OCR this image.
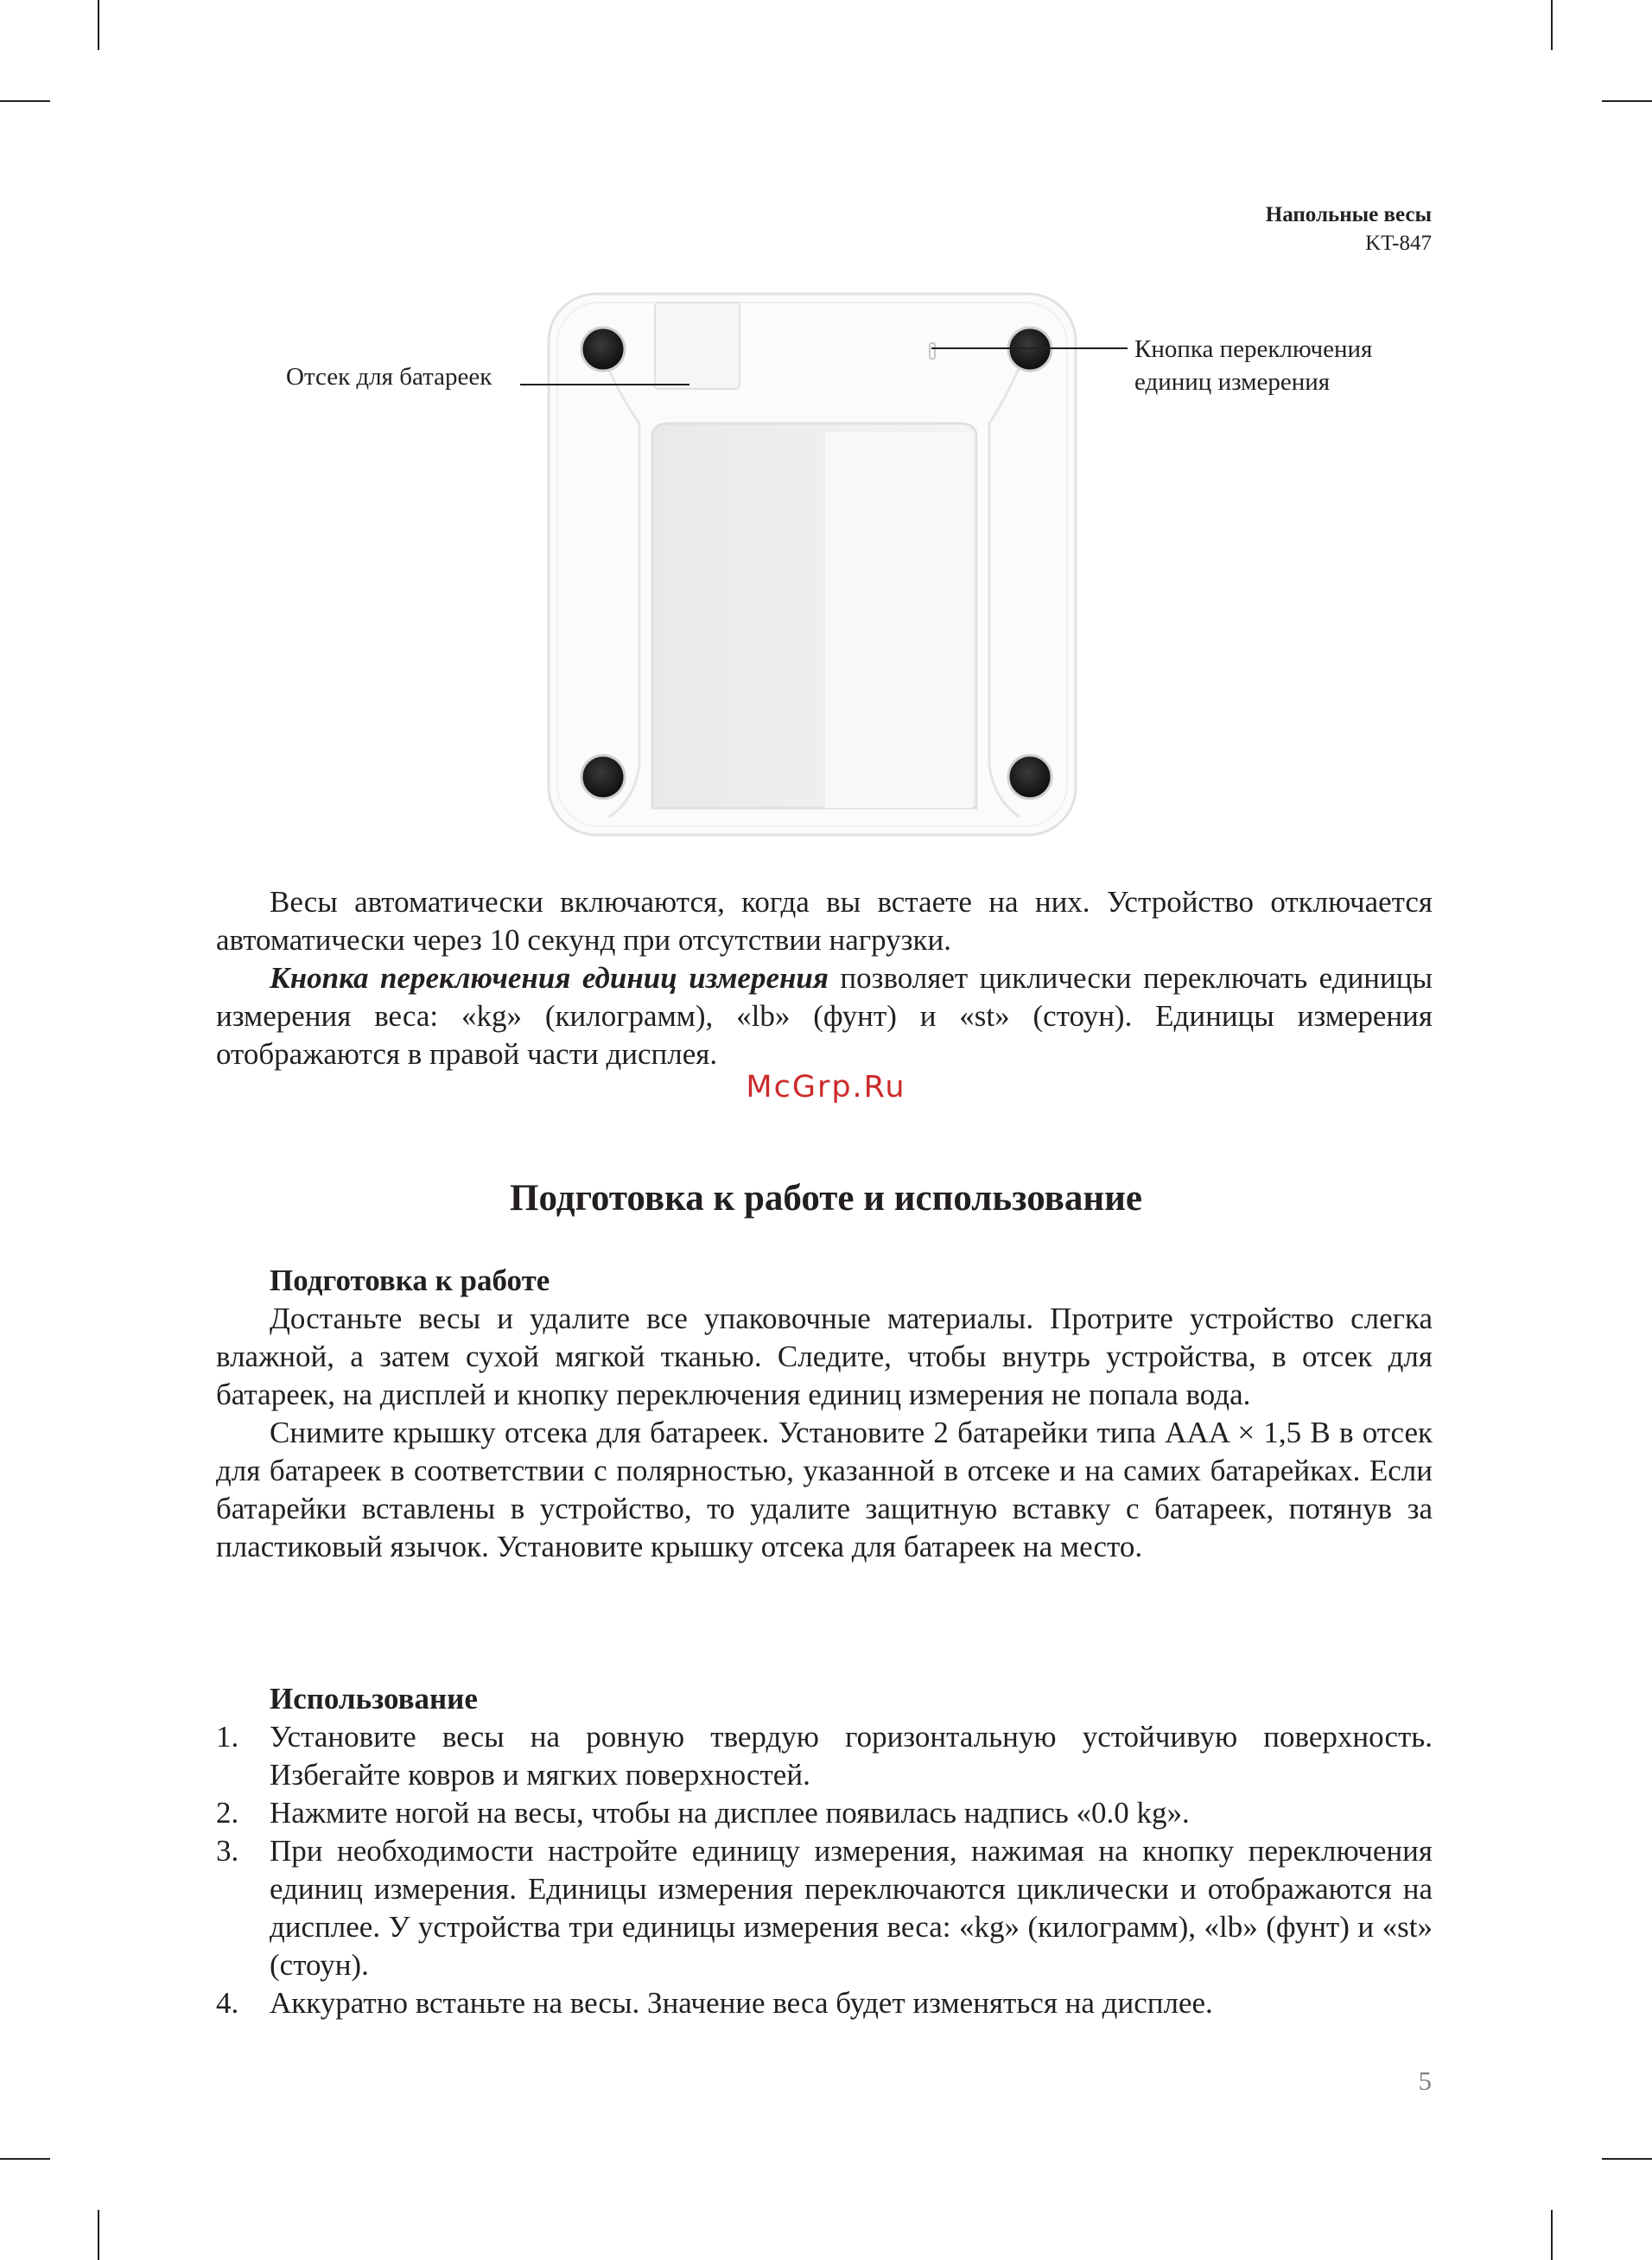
Напольные весы
KT-847
Отсек для батареек
Кнопка переключения
единиц измерения

Весы автоматически включаются, когда вы встаете на них. Устройство отключается автоматически через 10 секунд при отсутствии нагрузки.

Кнопка переключения единиц измерения позволяет циклически переключать единицы измерения веса: «kg» (килограмм), «lb» (фунт) и «st» (стоун). Единицы измерения отображаются в правой части дисплея.

McGrp.Ru
Подготовка к работе и использование
Подготовка к работе

Достаньте весы и удалите все упаковочные материалы. Протрите устройство слегка влажной, а затем сухой мягкой тканью. Следите, чтобы внутрь устройства, в отсек для батареек, на дисплей и кнопку переключения единиц измерения не попала вода.

Снимите крышку отсека для батареек. Установите 2 батарейки типа AAA × 1,5 В в отсек для батареек в соответствии с полярностью, указанной в отсеке и на самих батарейках. Если батарейки вставлены в устройство, то удалите защитную вставку с батареек, потянув за пластиковый язычок. Установите крышку отсека для батареек на место.

Использование
1. Установите весы на ровную твердую горизонтальную устойчивую поверхность. Избегайте ковров и мягких поверхностей.
2. Нажмите ногой на весы, чтобы на дисплее появилась надпись «0.0 kg».
3. При необходимости настройте единицу измерения, нажимая на кнопку переключения единиц измерения. Единицы измерения переключаются циклически и отображаются на дисплее. У устройства три единицы измерения веса: «kg» (килограмм), «lb» (фунт) и «st» (стоун).
4. Аккуратно встаньте на весы. Значение веса будет изменяться на дисплее.
5
